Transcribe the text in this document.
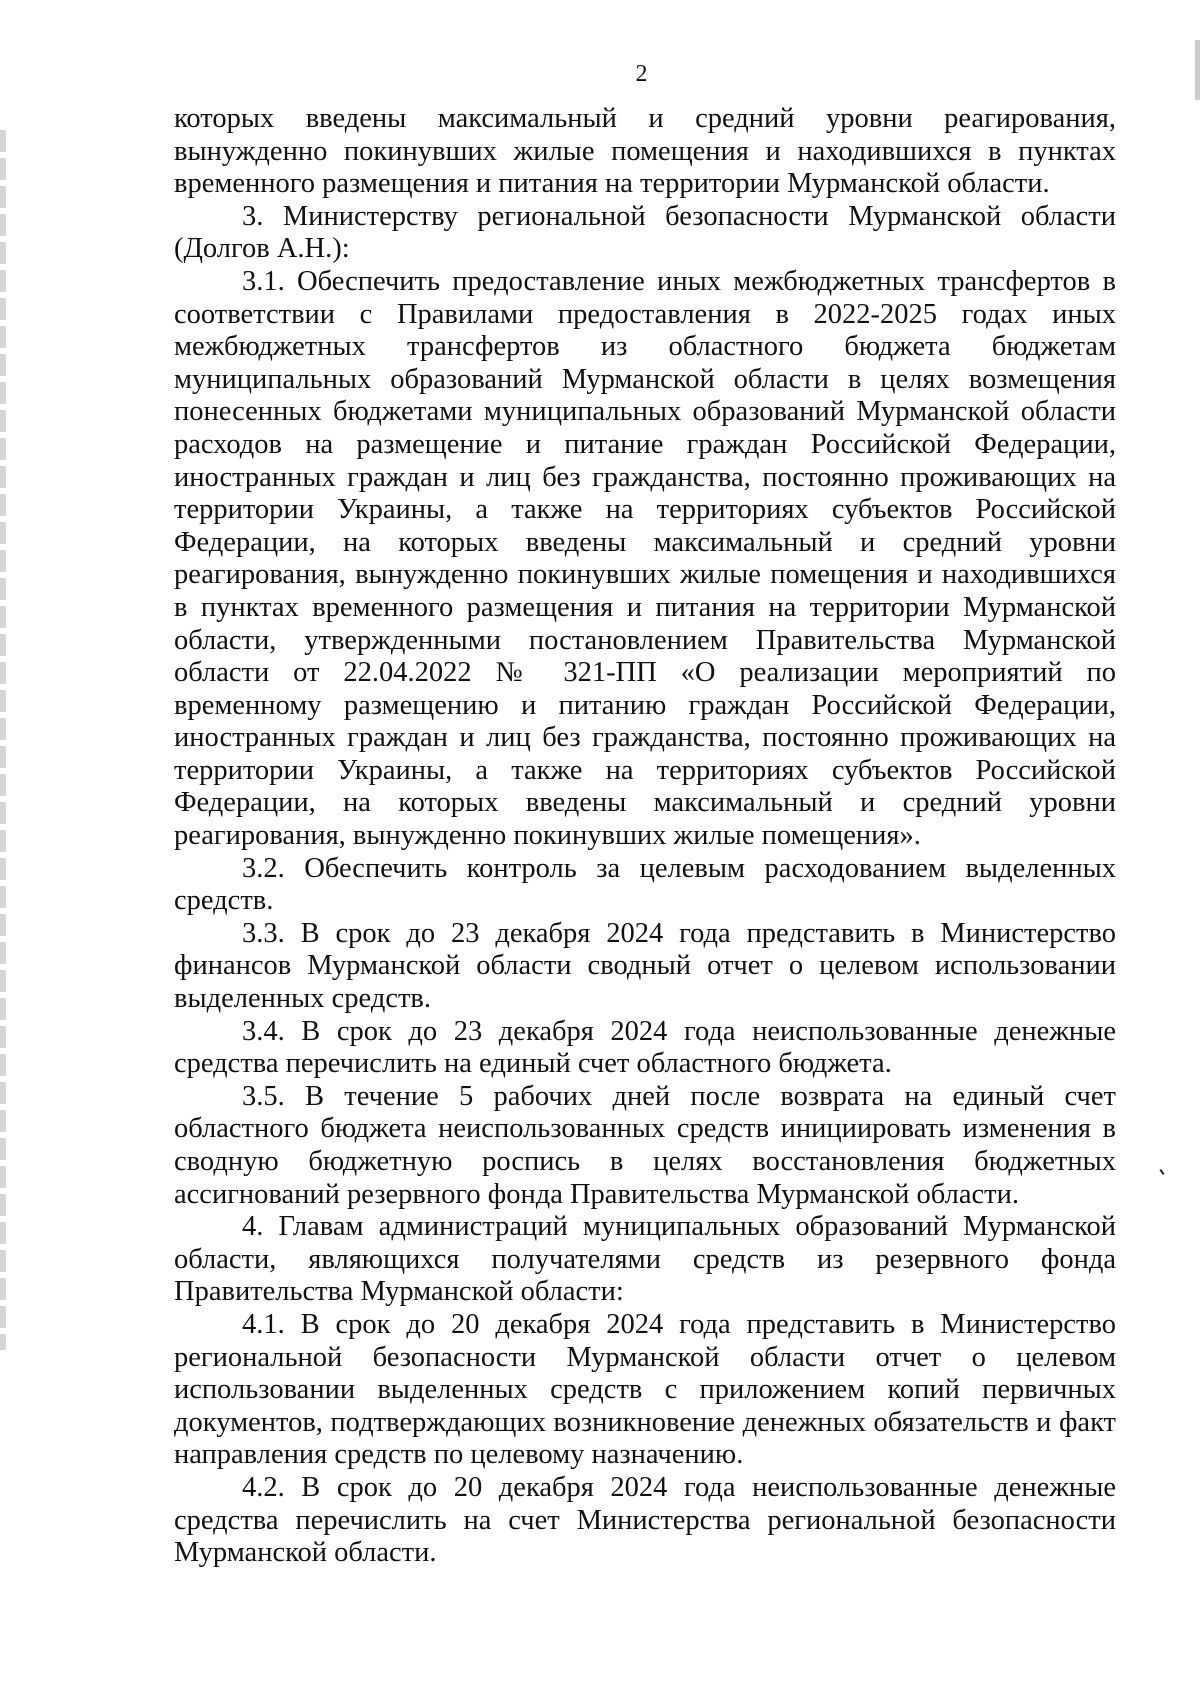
2

которых введены максимальный и средний уровни реагирования, вынужденно покинувших жилые помещения и находившихся в пунктах временного размещения и питания на территории Мурманской области.

3. Министерству региональной безопасности Мурманской области (Долгов А.Н.):

3.1. Обеспечить предоставление иных межбюджетных трансфертов в соответствии с Правилами предоставления в 2022-2025 годах иных межбюджетных трансфертов из областного бюджета бюджетам муниципальных образований Мурманской области в целях возмещения понесенных бюджетами муниципальных образований Мурманской области расходов на размещение и питание граждан Российской Федерации, иностранных граждан и лиц без гражданства, постоянно проживающих на территории Украины, а также на территориях субъектов Российской Федерации, на которых введены максимальный и средний уровни реагирования, вынужденно покинувших жилые помещения и находившихся в пунктах временного размещения и питания на территории Мурманской области, утвержденными постановлением Правительства Мурманской области от 22.04.2022 № 321-ПП «О реализации мероприятий по временному размещению и питанию граждан Российской Федерации, иностранных граждан и лиц без гражданства, постоянно проживающих на территории Украины, а также на территориях субъектов Российской Федерации, на которых введены максимальный и средний уровни реагирования, вынужденно покинувших жилые помещения».

3.2. Обеспечить контроль за целевым расходованием выделенных средств.

3.3. В срок до 23 декабря 2024 года представить в Министерство финансов Мурманской области сводный отчет о целевом использовании выделенных средств.

3.4. В срок до 23 декабря 2024 года неиспользованные денежные средства перечислить на единый счет областного бюджета.

3.5. В течение 5 рабочих дней после возврата на единый счет областного бюджета неиспользованных средств инициировать изменения в сводную бюджетную роспись в целях восстановления бюджетных ассигнований резервного фонда Правительства Мурманской области.

4. Главам администраций муниципальных образований Мурманской области, являющихся получателями средств из резервного фонда Правительства Мурманской области:

4.1. В срок до 20 декабря 2024 года представить в Министерство региональной безопасности Мурманской области отчет о целевом использовании выделенных средств с приложением копий первичных документов, подтверждающих возникновение денежных обязательств и факт направления средств по целевому назначению.

4.2. В срок до 20 декабря 2024 года неиспользованные денежные средства перечислить на счет Министерства региональной безопасности Мурманской области.
